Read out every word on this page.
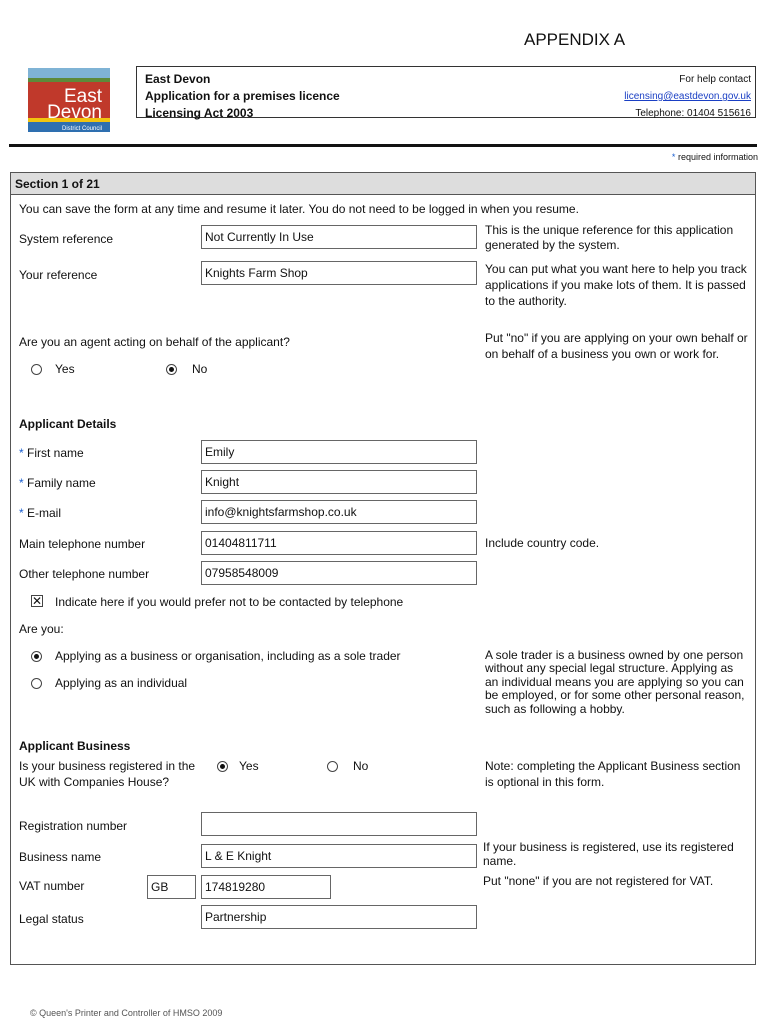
APPENDIX A
East
Devon
District Council
East Devon
Application for a premises licence
Licensing Act 2003
For help contact
licensing@eastdevon.gov.uk
Telephone: 01404 515616
* required information
Section 1 of 21
You can save the form at any time and resume it later. You do not need to be logged in when you resume.
System reference	Not Currently In Use	This is the unique reference for this application generated by the system.
Your reference	Knights Farm Shop	You can put what you want here to help you track applications if you make lots of them. It is passed to the authority.
Are you an agent acting on behalf of the applicant?
Yes	No
Put "no" if you are applying on your own behalf or on behalf of a business you own or work for.
Applicant Details
* First name	Emily
* Family name	Knight
* E-mail	info@knightsfarmshop.co.uk
Main telephone number	01404811711	Include country code.
Other telephone number	07958548009
✕ Indicate here if you would prefer not to be contacted by telephone
Are you:
Applying as a business or organisation, including as a sole trader
Applying as an individual
A sole trader is a business owned by one person without any special legal structure. Applying as an individual means you are applying so you can be employed, or for some other personal reason, such as following a hobby.
Applicant Business
Is your business registered in the UK with Companies House?
Yes	No	Note: completing the Applicant Business section is optional in this form.
Registration number
Business name	L & E Knight
If your business is registered, use its registered name.
VAT number	GB	174819280	Put "none" if you are not registered for VAT.
Legal status	Partnership
© Queen's Printer and Controller of HMSO 2009
